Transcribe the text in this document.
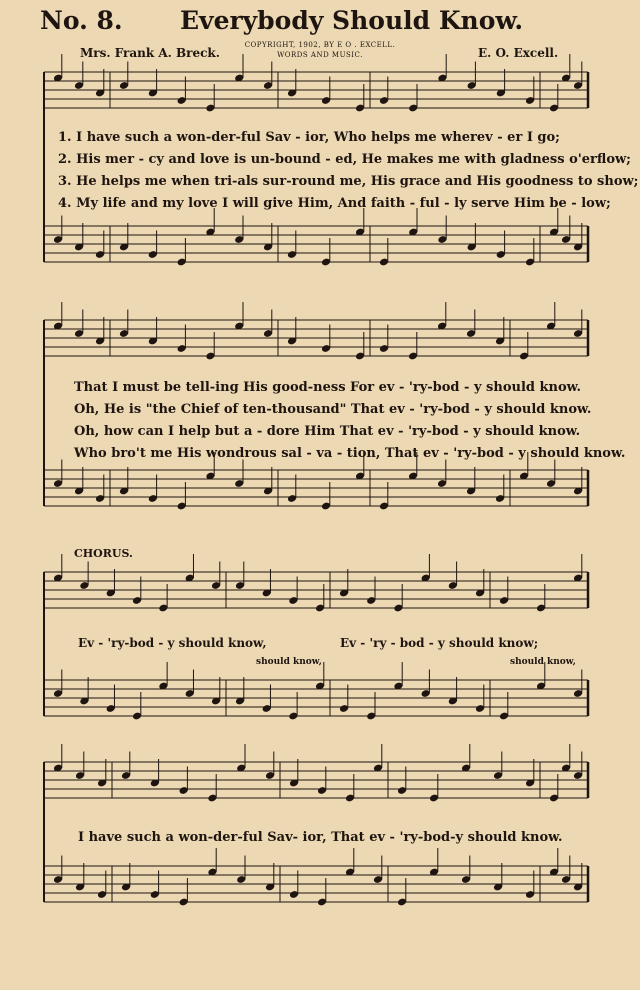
No. 8. Everybody Should Know.
Mrs. Frank A. Breck.
COPYRIGHT, 1902, BY E O . EXCELL.
WORDS AND MUSIC.	E. O. Excell.
1. I have such a won-der-ful Sav - ior, Who helps me wherev - er I go;
2. His mer - cy and love is un-bound - ed, He makes me with gladness o'erflow;
3. He helps me when tri-als sur-round me, His grace and His goodness to show;
4. My life and my love I will give Him, And faith - ful - ly serve Him be - low;
That I must be tell-ing His good-ness For ev - 'ry-bod - y should know.
Oh, He is "the Chief of ten-thousand" That ev - 'ry-bod - y should know.
Oh, how can I help but a - dore Him That ev - 'ry-bod - y should know.
Who bro't me His wondrous sal - va - tion, That ev - 'ry-bod - y should know.
CHORUS.
Ev - 'ry-bod - y should know,	Ev - 'ry - bod - y should know;
should know,	should know,
I have such a won-der-ful Sav- ior, That ev - 'ry-bod-y should know.
